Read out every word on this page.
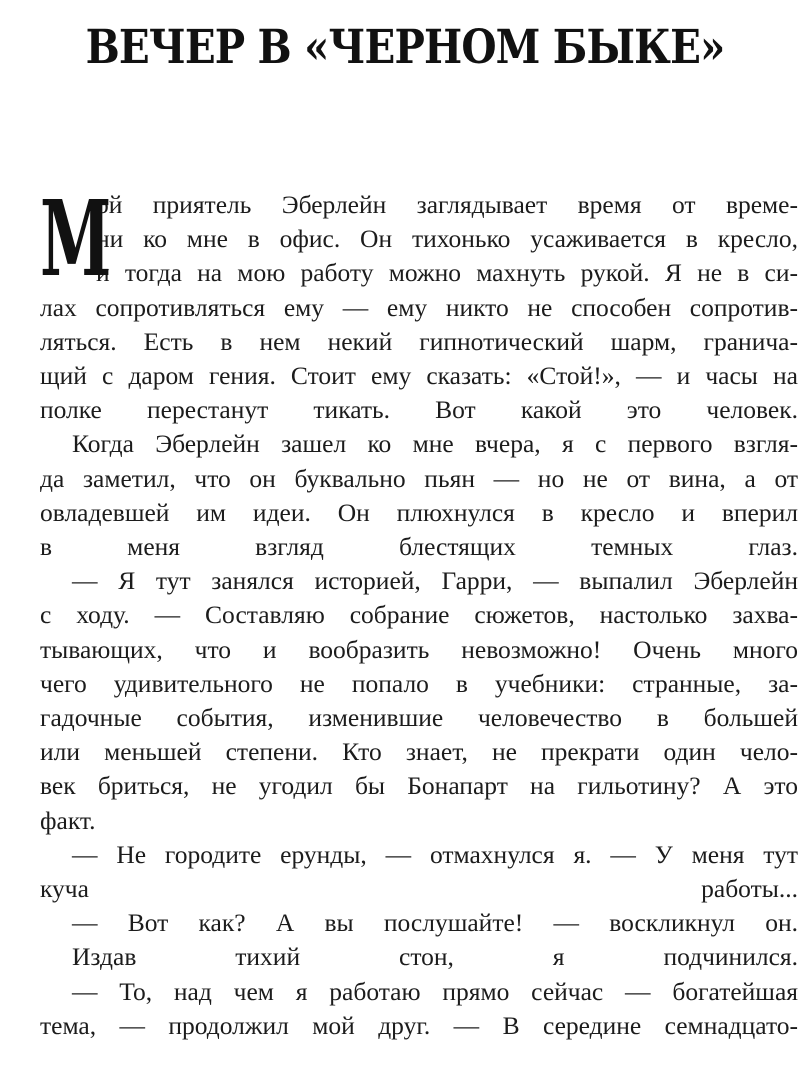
ВЕЧЕР В «ЧЕРНОМ БЫКЕ»
М
ой приятель Эберлейн заглядывает время от време-
ни ко мне в офис. Он тихонько усаживается в кресло,
и тогда на мою работу можно махнуть рукой. Я не в си-
лах сопротивляться ему — ему никто не способен сопротив-
ляться. Есть в нем некий гипнотический шарм, гранича-
щий с даром гения. Стоит ему сказать: «Стой!», — и часы на
полке перестанут тикать. Вот какой это человек.
Когда Эберлейн зашел ко мне вчера, я с первого взгля-
да заметил, что он буквально пьян — но не от вина, а от
овладевшей им идеи. Он плюхнулся в кресло и вперил
в меня взгляд блестящих темных глаз.
— Я тут занялся историей, Гарри, — выпалил Эберлейн
с ходу. — Составляю собрание сюжетов, настолько захва-
тывающих, что и вообразить невозможно! Очень много
чего удивительного не попало в учебники: странные, за-
гадочные события, изменившие человечество в большей
или меньшей степени. Кто знает, не прекрати один чело-
век бриться, не угодил бы Бонапарт на гильотину? А это
факт.
— Не городите ерунды, — отмахнулся я. — У меня тут
куча работы...
— Вот как? А вы послушайте! — воскликнул он.
Издав тихий стон, я подчинился.
— То, над чем я работаю прямо сейчас — богатейшая
тема, — продолжил мой друг. — В середине семнадцато-
